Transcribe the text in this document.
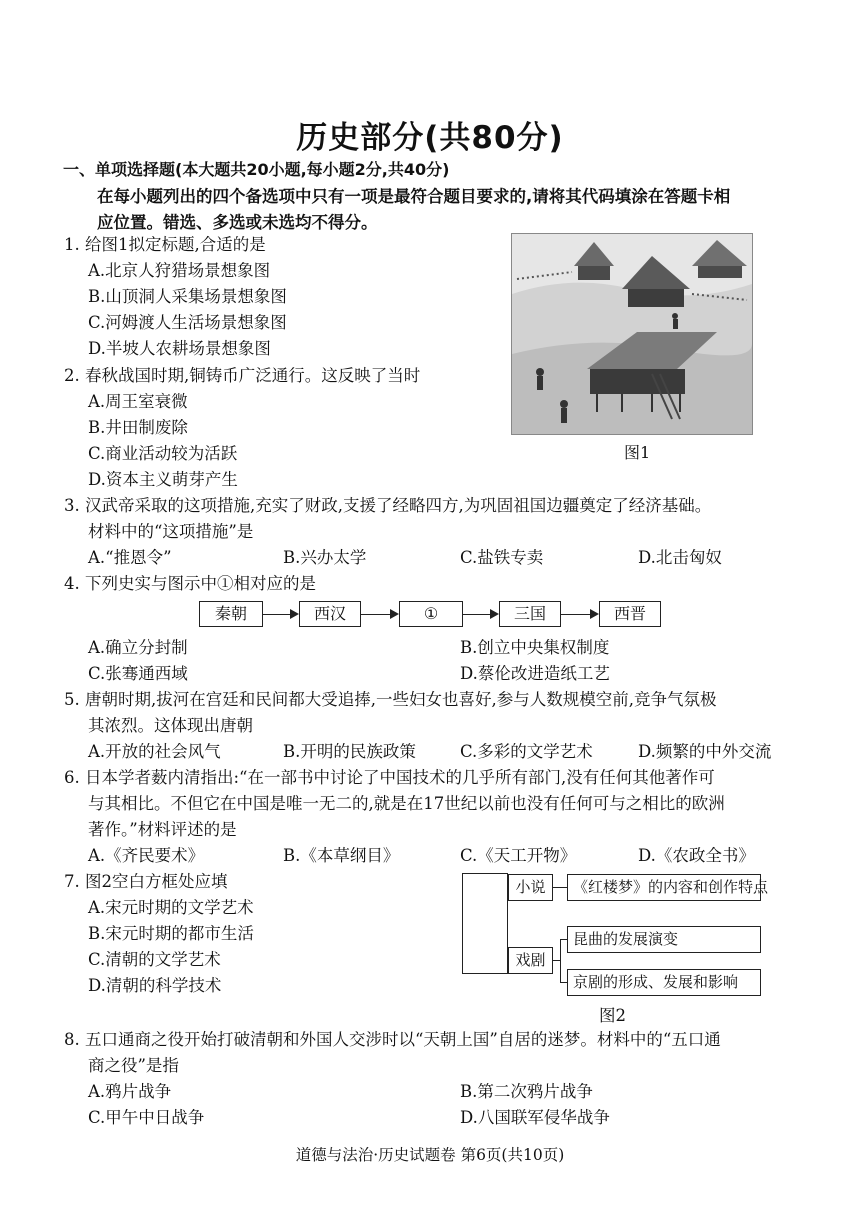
历史部分(共80分)
一、单项选择题(本大题共20小题,每小题2分,共40分)
在每小题列出的四个备选项中只有一项是最符合题目要求的,请将其代码填涂在答题卡相
应位置。错选、多选或未选均不得分。
1. 给图1拟定标题,合适的是
A.北京人狩猎场景想象图
B.山顶洞人采集场景想象图
C.河姆渡人生活场景想象图
D.半坡人农耕场景想象图
图1
2. 春秋战国时期,铜铸币广泛通行。这反映了当时
A.周王室衰微
B.井田制废除
C.商业活动较为活跃
D.资本主义萌芽产生
3. 汉武帝采取的这项措施,充实了财政,支援了经略四方,为巩固祖国边疆奠定了经济基础。
材料中的“这项措施”是
A.“推恩令”	B.兴办太学	C.盐铁专卖	D.北击匈奴
4. 下列史实与图示中①相对应的是
秦朝	西汉	①	三国	西晋
A.确立分封制	B.创立中央集权制度
C.张骞通西域	D.蔡伦改进造纸工艺
5. 唐朝时期,拔河在宫廷和民间都大受追捧,一些妇女也喜好,参与人数规模空前,竞争气氛极
其浓烈。这体现出唐朝
A.开放的社会风气	B.开明的民族政策	C.多彩的文学艺术	D.频繁的中外交流
6. 日本学者薮内清指出:“在一部书中讨论了中国技术的几乎所有部门,没有任何其他著作可
与其相比。不但它在中国是唯一无二的,就是在17世纪以前也没有任何可与之相比的欧洲
著作。”材料评述的是
A.《齐民要术》	B.《本草纲目》	C.《天工开物》	D.《农政全书》
7. 图2空白方框处应填
A.宋元时期的文学艺术
B.宋元时期的都市生活
C.清朝的文学艺术
D.清朝的科学技术
小说	《红楼梦》的内容和创作特点
戏剧
昆曲的发展演变
京剧的形成、发展和影响
图2
8. 五口通商之役开始打破清朝和外国人交涉时以“天朝上国”自居的迷梦。材料中的“五口通
商之役”是指
A.鸦片战争	B.第二次鸦片战争
C.甲午中日战争	D.八国联军侵华战争
道德与法治·历史试题卷 第6页(共10页)
